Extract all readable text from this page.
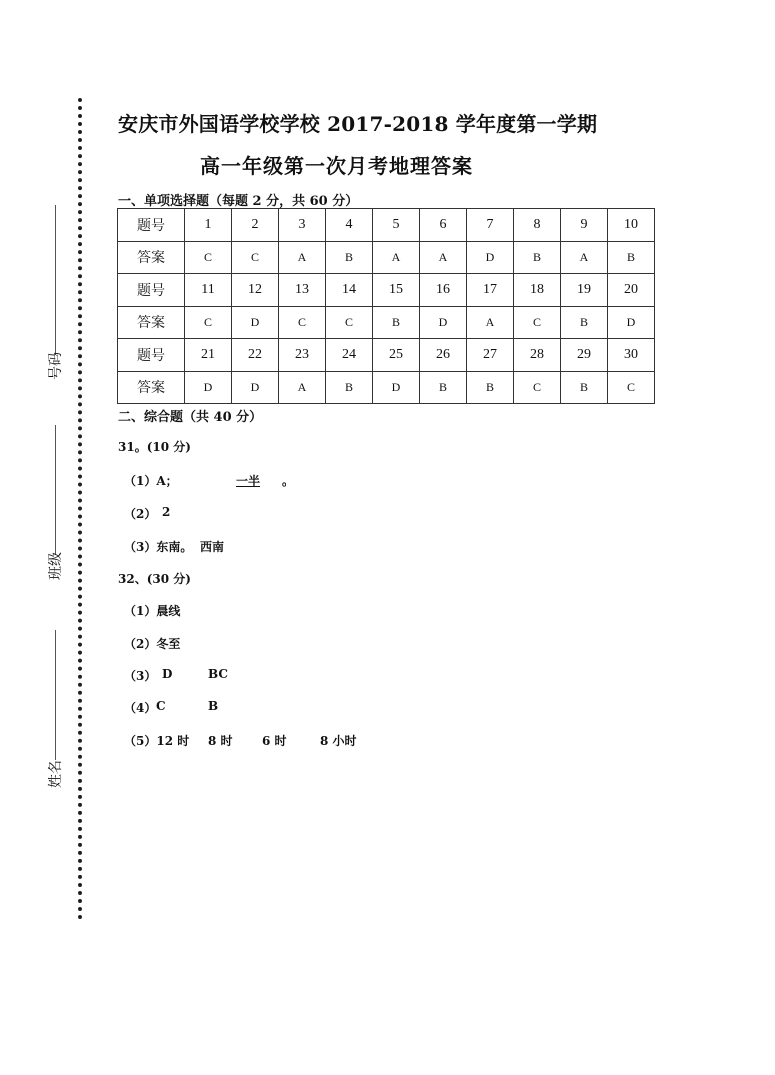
号码
班级
姓名
安庆市外国语学校学校 2017-2018 学年度第一学期
高一年级第一次月考地理答案
一、单项选择题（每题 2 分，共 60 分）
题号	1	2	3	4	5	6	7	8	9	10
答案	C	C	A	B	A	A	D	B	A	B
题号	11	12	13	14	15	16	17	18	19	20
答案	C	D	C	C	B	D	A	C	B	D
题号	21	22	23	24	25	26	27	28	29	30
答案	D	D	A	B	D	B	B	C	B	C
二、综合题（共 40 分）
31。(10 分)
（1）A；	一半 。
（2） 2
（3）东南。 西南
32、(30 分)
（1）晨线
（2）冬至
（3） D	BC
（4） C	B
（5）12 时 8 时 6 时	8 小时
